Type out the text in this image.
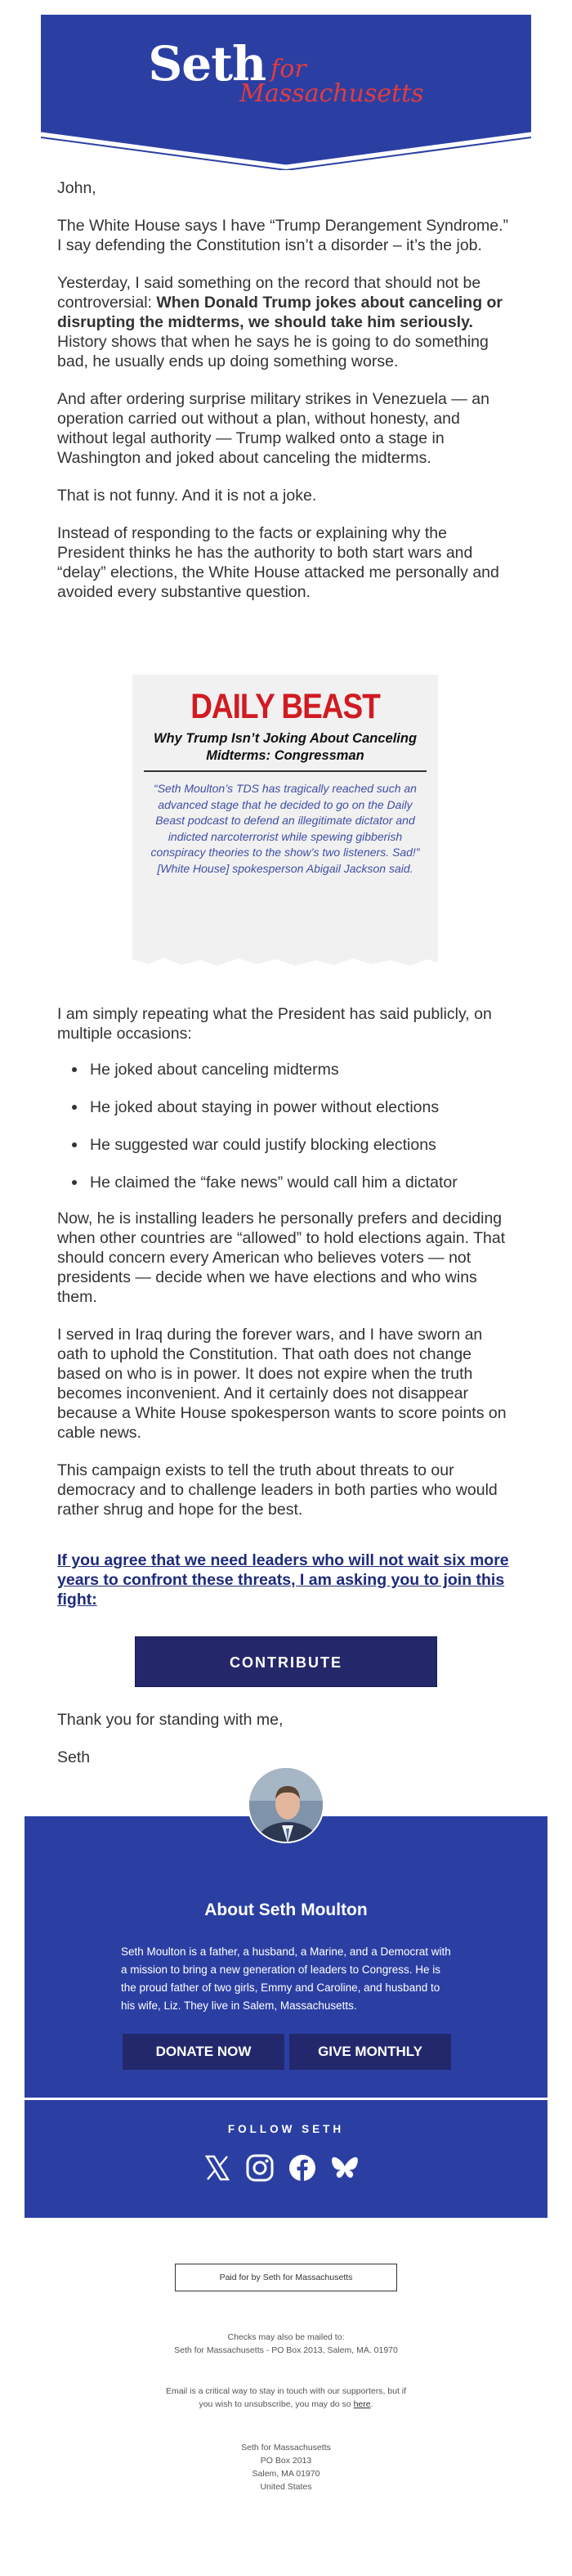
Seth for
Massachusetts

John,

The White House says I have “Trump Derangement Syndrome.” I say defending the Constitution isn’t a disorder – it’s the job.

Yesterday, I said something on the record that should not be controversial: When Donald Trump jokes about canceling or disrupting the midterms, we should take him seriously. History shows that when he says he is going to do something bad, he usually ends up doing something worse.

And after ordering surprise military strikes in Venezuela — an operation carried out without a plan, without honesty, and without legal authority — Trump walked onto a stage in Washington and joked about canceling the midterms.

That is not funny. And it is not a joke.

Instead of responding to the facts or explaining why the President thinks he has the authority to both start wars and “delay” elections, the White House attacked me personally and avoided every substantive question.

DAILY BEAST
Why Trump Isn’t Joking About Canceling Midterms: Congressman
“Seth Moulton’s TDS has tragically reached such an advanced stage that he decided to go on the Daily Beast podcast to defend an illegitimate dictator and indicted narcoterrorist while spewing gibberish conspiracy theories to the show’s two listeners. Sad!” [White House] spokesperson Abigail Jackson said.

I am simply repeating what the President has said publicly, on multiple occasions:

He joked about canceling midterms
He joked about staying in power without elections
He suggested war could justify blocking elections
He claimed the “fake news” would call him a dictator

Now, he is installing leaders he personally prefers and deciding when other countries are “allowed” to hold elections again. That should concern every American who believes voters — not presidents — decide when we have elections and who wins them.

I served in Iraq during the forever wars, and I have sworn an oath to uphold the Constitution. That oath does not change based on who is in power. It does not expire when the truth becomes inconvenient. And it certainly does not disappear because a White House spokesperson wants to score points on cable news.

This campaign exists to tell the truth about threats to our democracy and to challenge leaders in both parties who would rather shrug and hope for the best.

If you agree that we need leaders who will not wait six more years to confront these threats, I am asking you to join this fight:
CONTRIBUTE

Thank you for standing with me,

Seth

About Seth Moulton
Seth Moulton is a father, a husband, a Marine, and a Democrat with a mission to bring a new generation of leaders to Congress. He is the proud father of two girls, Emmy and Caroline, and husband to his wife, Liz. They live in Salem, Massachusetts.
DONATE NOW	GIVE MONTHLY
FOLLOW SETH
Paid for by Seth for Massachusetts
Checks may also be mailed to:
Seth for Massachusetts - PO Box 2013, Salem, MA. 01970
Email is a critical way to stay in touch with our supporters, but if you wish to unsubscribe, you may do so here.
Seth for Massachusetts
PO Box 2013
Salem, MA 01970
United States
